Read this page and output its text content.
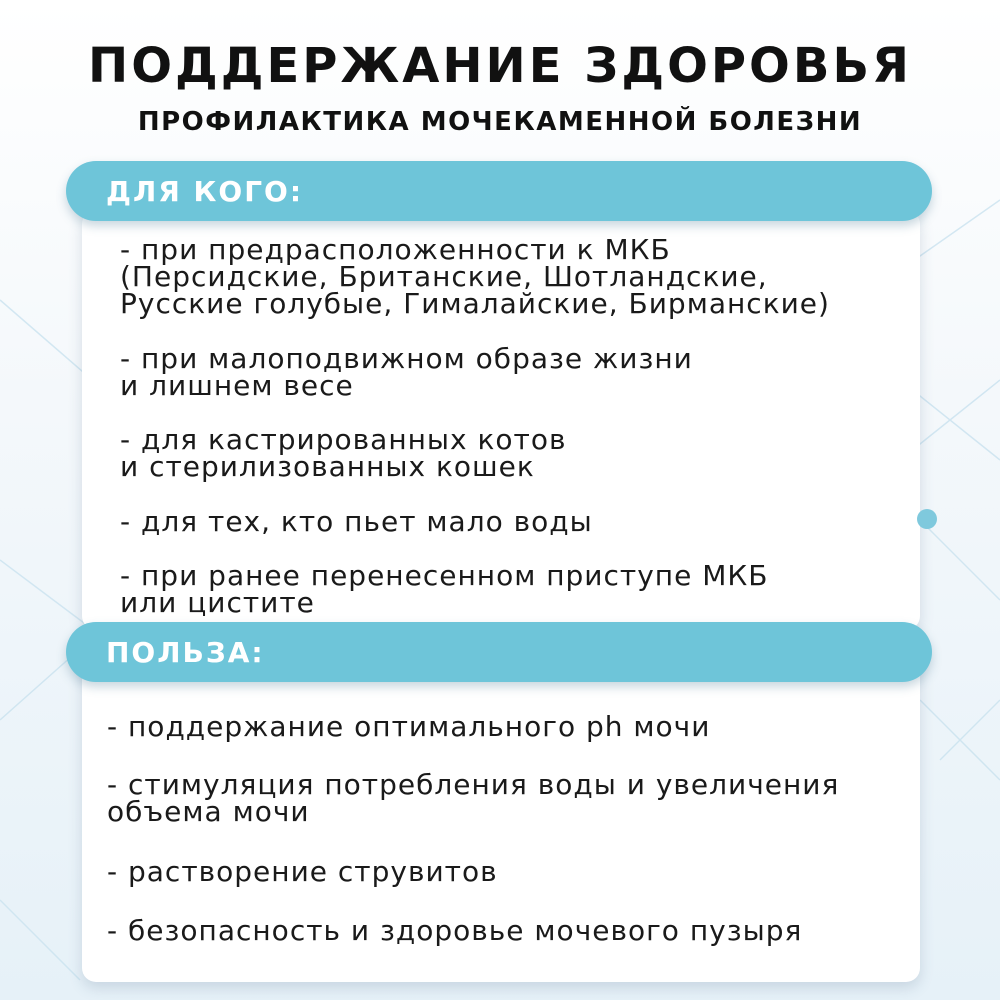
ПОДДЕРЖАНИЕ ЗДОРОВЬЯ
ПРОФИЛАКТИКА МОЧЕКАМЕННОЙ БОЛЕЗНИ
ДЛЯ КОГО:
- при предрасположенности к МКБ
(Персидские, Британские, Шотландские,
Русские голубые, Гималайские, Бирманские)
- при малоподвижном образе жизни
и лишнем весе
- для кастрированных котов
и стерилизованных кошек
- для тех, кто пьет мало воды
- при ранее перенесенном приступе МКБ
или цистите
ПОЛЬЗА:
- поддержание оптимального ph мочи
- стимуляция потребления воды и увеличения
объема мочи
- растворение струвитов
- безопасность и здоровье мочевого пузыря
